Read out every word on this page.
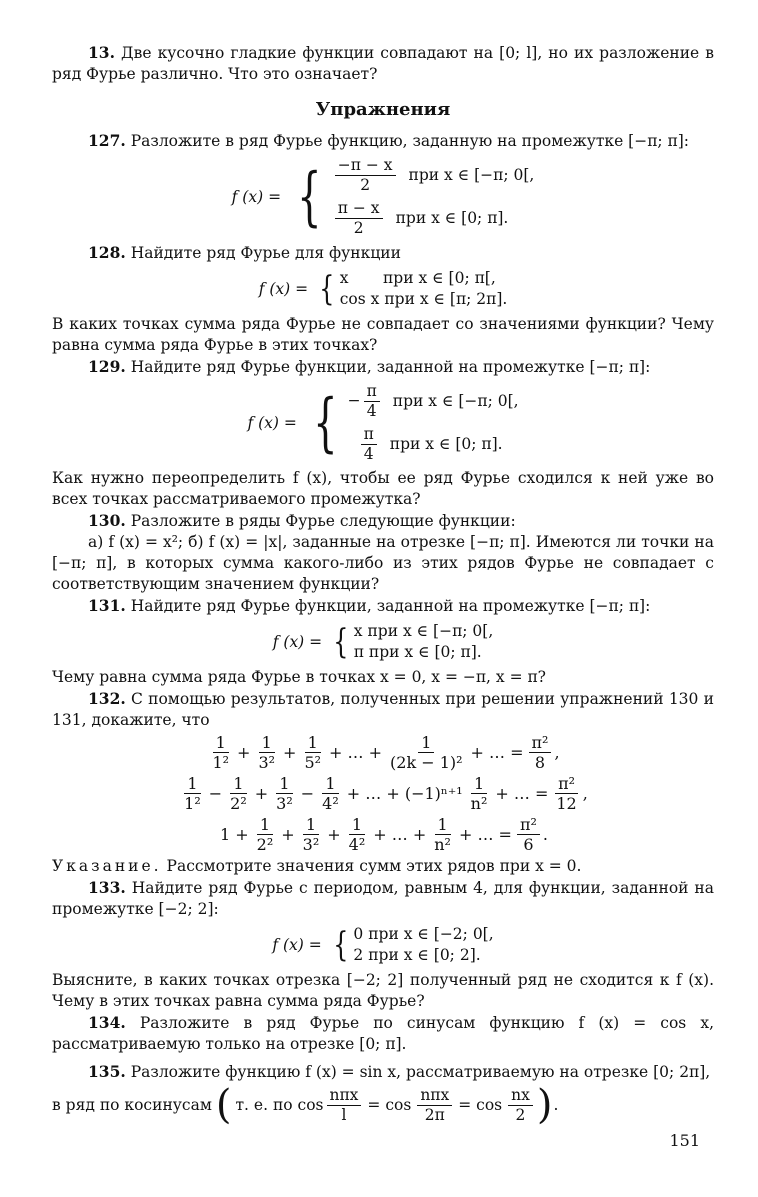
13. Две кусочно гладкие функции совпадают на [0; l], но их разложение в ряд Фурье различно. Что это означает?

Упражнения

127. Разложите в ряд Фурье функцию, заданную на промежутке [−π; π]:

f (x) = { $\frac{-\pi - x}{2}$ при x ∈ [−π; 0[,
$\frac{\pi - x}{2}$ при x ∈ [0; π].

128. Найдите ряд Фурье для функции

f (x) = { x       при x ∈ [0; π[,
cos x при x ∈ [π; 2π].

В каких точках сумма ряда Фурье не совпадает со значениями функции? Чему равна сумма ряда Фурье в этих точках?

129. Найдите ряд Фурье функции, заданной на промежутке [−π; π]:

f (x) = { − $\frac{\pi}{4}$ при x ∈ [−π; 0[,
$\frac{\pi}{4}$ при x ∈ [0; π].

Как нужно переопределить f (x), чтобы ее ряд Фурье сходился к ней уже во всех точках рассматриваемого промежутка?

130. Разложите в ряды Фурье следующие функции:

а) f (x) = x²; б) f (x) = |x|, заданные на отрезке [−π; π]. Имеются ли точки на [−π; π], в которых сумма какого-либо из этих рядов Фурье не совпадает с соответствующим значением функции?

131. Найдите ряд Фурье функции, заданной на промежутке [−π; π]:

f (x) = { x при x ∈ [−π; 0[,
π при x ∈ [0; π].

Чему равна сумма ряда Фурье в точках x = 0, x = −π, x = π?

132. С помощью результатов, полученных при решении упражнений 130 и 131, докажите, что

$\frac{1}{\text{1²}} + \frac{1}{\text{3²}} + \frac{1}{\text{5²}}$ + … + $\frac{1}{\text{(2k − 1)²}}$ + … = $\frac{\text{π²}}{8}$ ,
$\frac{1}{\text{1²}} - \frac{1}{\text{2²}} + \frac{1}{\text{3²}} - \frac{1}{\text{4²}}$ + … + $(-1)^{n+1} \frac{1}{\text{n²}}$ + … = $\frac{\text{π²}}{12}$ ,
$1 + \frac{1}{\text{2²}} + \frac{1}{\text{3²}} + \frac{1}{\text{4²}}$ + … + $\frac{1}{\text{n²}}$ + … = $\frac{\text{π²}}{6}$ .

Указание. Рассмотрите значения сумм этих рядов при x = 0.

133. Найдите ряд Фурье с периодом, равным 4, для функции, заданной на промежутке [−2; 2]:

f (x) = { 0 при x ∈ [−2; 0[,
2 при x ∈ [0; 2].

Выясните, в каких точках отрезка [−2; 2] полученный ряд не сходится к f (x). Чему в этих точках равна сумма ряда Фурье?

134. Разложите в ряд Фурье по синусам функцию f (x) = cos x, рассматриваемую только на отрезке [0; π].

135. Разложите функцию f (x) = sin x, рассматриваемую на отрезке [0; 2π],

в ряд по косинусам ( т. е. по $\cos \frac{\text{nπx}}{l} = \cos \frac{\text{nπx}}{2\pi} = \cos \frac{nx}{2}$ ) .
151
